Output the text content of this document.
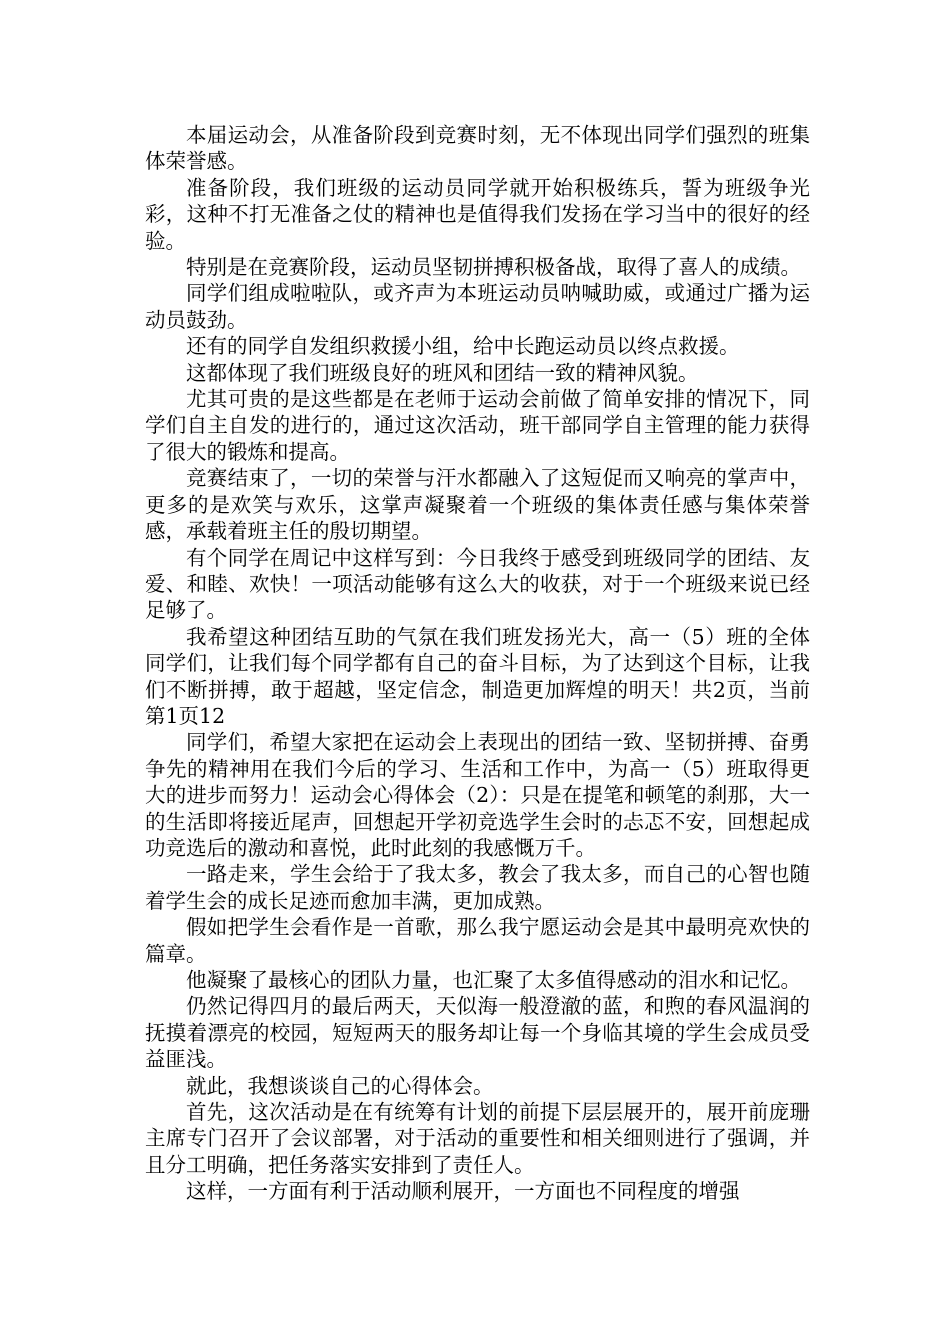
本届运动会，从准备阶段到竞赛时刻，无不体现出同学们强烈的班集体荣誉感。

准备阶段，我们班级的运动员同学就开始积极练兵，誓为班级争光彩，这种不打无准备之仗的精神也是值得我们发扬在学习当中的很好的经验。

特别是在竞赛阶段，运动员坚韧拼搏积极备战，取得了喜人的成绩。

同学们组成啦啦队，或齐声为本班运动员呐喊助威，或通过广播为运动员鼓劲。

还有的同学自发组织救援小组，给中长跑运动员以终点救援。

这都体现了我们班级良好的班风和团结一致的精神风貌。

尤其可贵的是这些都是在老师于运动会前做了简单安排的情况下，同学们自主自发的进行的，通过这次活动，班干部同学自主管理的能力获得了很大的锻炼和提高。

竞赛结束了，一切的荣誉与汗水都融入了这短促而又响亮的掌声中，更多的是欢笑与欢乐，这掌声凝聚着一个班级的集体责任感与集体荣誉感，承载着班主任的殷切期望。

有个同学在周记中这样写到：今日我终于感受到班级同学的团结、友爱、和睦、欢快！一项活动能够有这么大的收获，对于一个班级来说已经足够了。

我希望这种团结互助的气氛在我们班发扬光大，高一（5）班的全体同学们，让我们每个同学都有自己的奋斗目标，为了达到这个目标，让我们不断拼搏，敢于超越，坚定信念，制造更加辉煌的明天！共2页，当前第1页12

同学们，希望大家把在运动会上表现出的团结一致、坚韧拼搏、奋勇争先的精神用在我们今后的学习、生活和工作中，为高一（5）班取得更大的进步而努力！运动会心得体会（2）：只是在提笔和顿笔的刹那，大一的生活即将接近尾声，回想起开学初竞选学生会时的忐忑不安，回想起成功竞选后的激动和喜悦，此时此刻的我感慨万千。

一路走来，学生会给于了我太多，教会了我太多，而自己的心智也随着学生会的成长足迹而愈加丰满，更加成熟。

假如把学生会看作是一首歌，那么我宁愿运动会是其中最明亮欢快的篇章。

他凝聚了最核心的团队力量，也汇聚了太多值得感动的泪水和记忆。

仍然记得四月的最后两天，天似海一般澄澈的蓝，和煦的春风温润的抚摸着漂亮的校园，短短两天的服务却让每一个身临其境的学生会成员受益匪浅。

就此，我想谈谈自己的心得体会。

首先，这次活动是在有统筹有计划的前提下层层展开的，展开前庞珊主席专门召开了会议部署，对于活动的重要性和相关细则进行了强调，并且分工明确，把任务落实安排到了责任人。

这样，一方面有利于活动顺利展开，一方面也不同程度的增强
